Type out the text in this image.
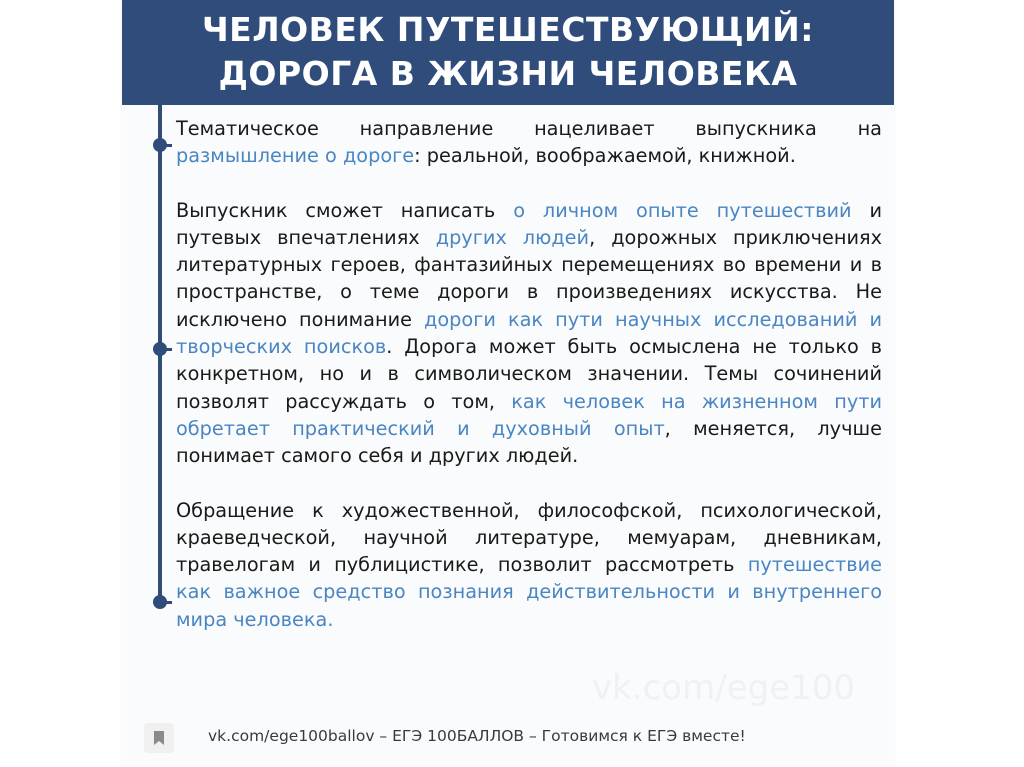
ЧЕЛОВЕК ПУТЕШЕСТВУЮЩИЙ:
ДОРОГА В ЖИЗНИ ЧЕЛОВЕКА
vk.com/ege100

Тематическое направление нацеливает выпускника на размышление о дороге: реальной, воображаемой, книжной.

Выпускник сможет написать о личном опыте путешествий и путевых впечатлениях других людей, дорожных приключениях литературных героев, фантазийных перемещениях во времени и в пространстве, о теме дороги в произведениях искусства. Не исключено понимание дороги как пути научных исследований и творческих поисков. Дорога может быть осмыслена не только в конкретном, но и в символическом значении. Темы сочинений позволят рассуждать о том, как человек на жизненном пути обретает практический и духовный опыт, меняется, лучше понимает самого себя и других людей.

Обращение к художественной, философской, психологической, краеведческой, научной литературе, мемуарам, дневникам, травелогам и публицистике, позволит рассмотреть путешествие как важное средство познания действительности и внутреннего мира человека.

vk.com/ege100ballov – ЕГЭ 100БАЛЛОВ – Готовимся к ЕГЭ вместе!
